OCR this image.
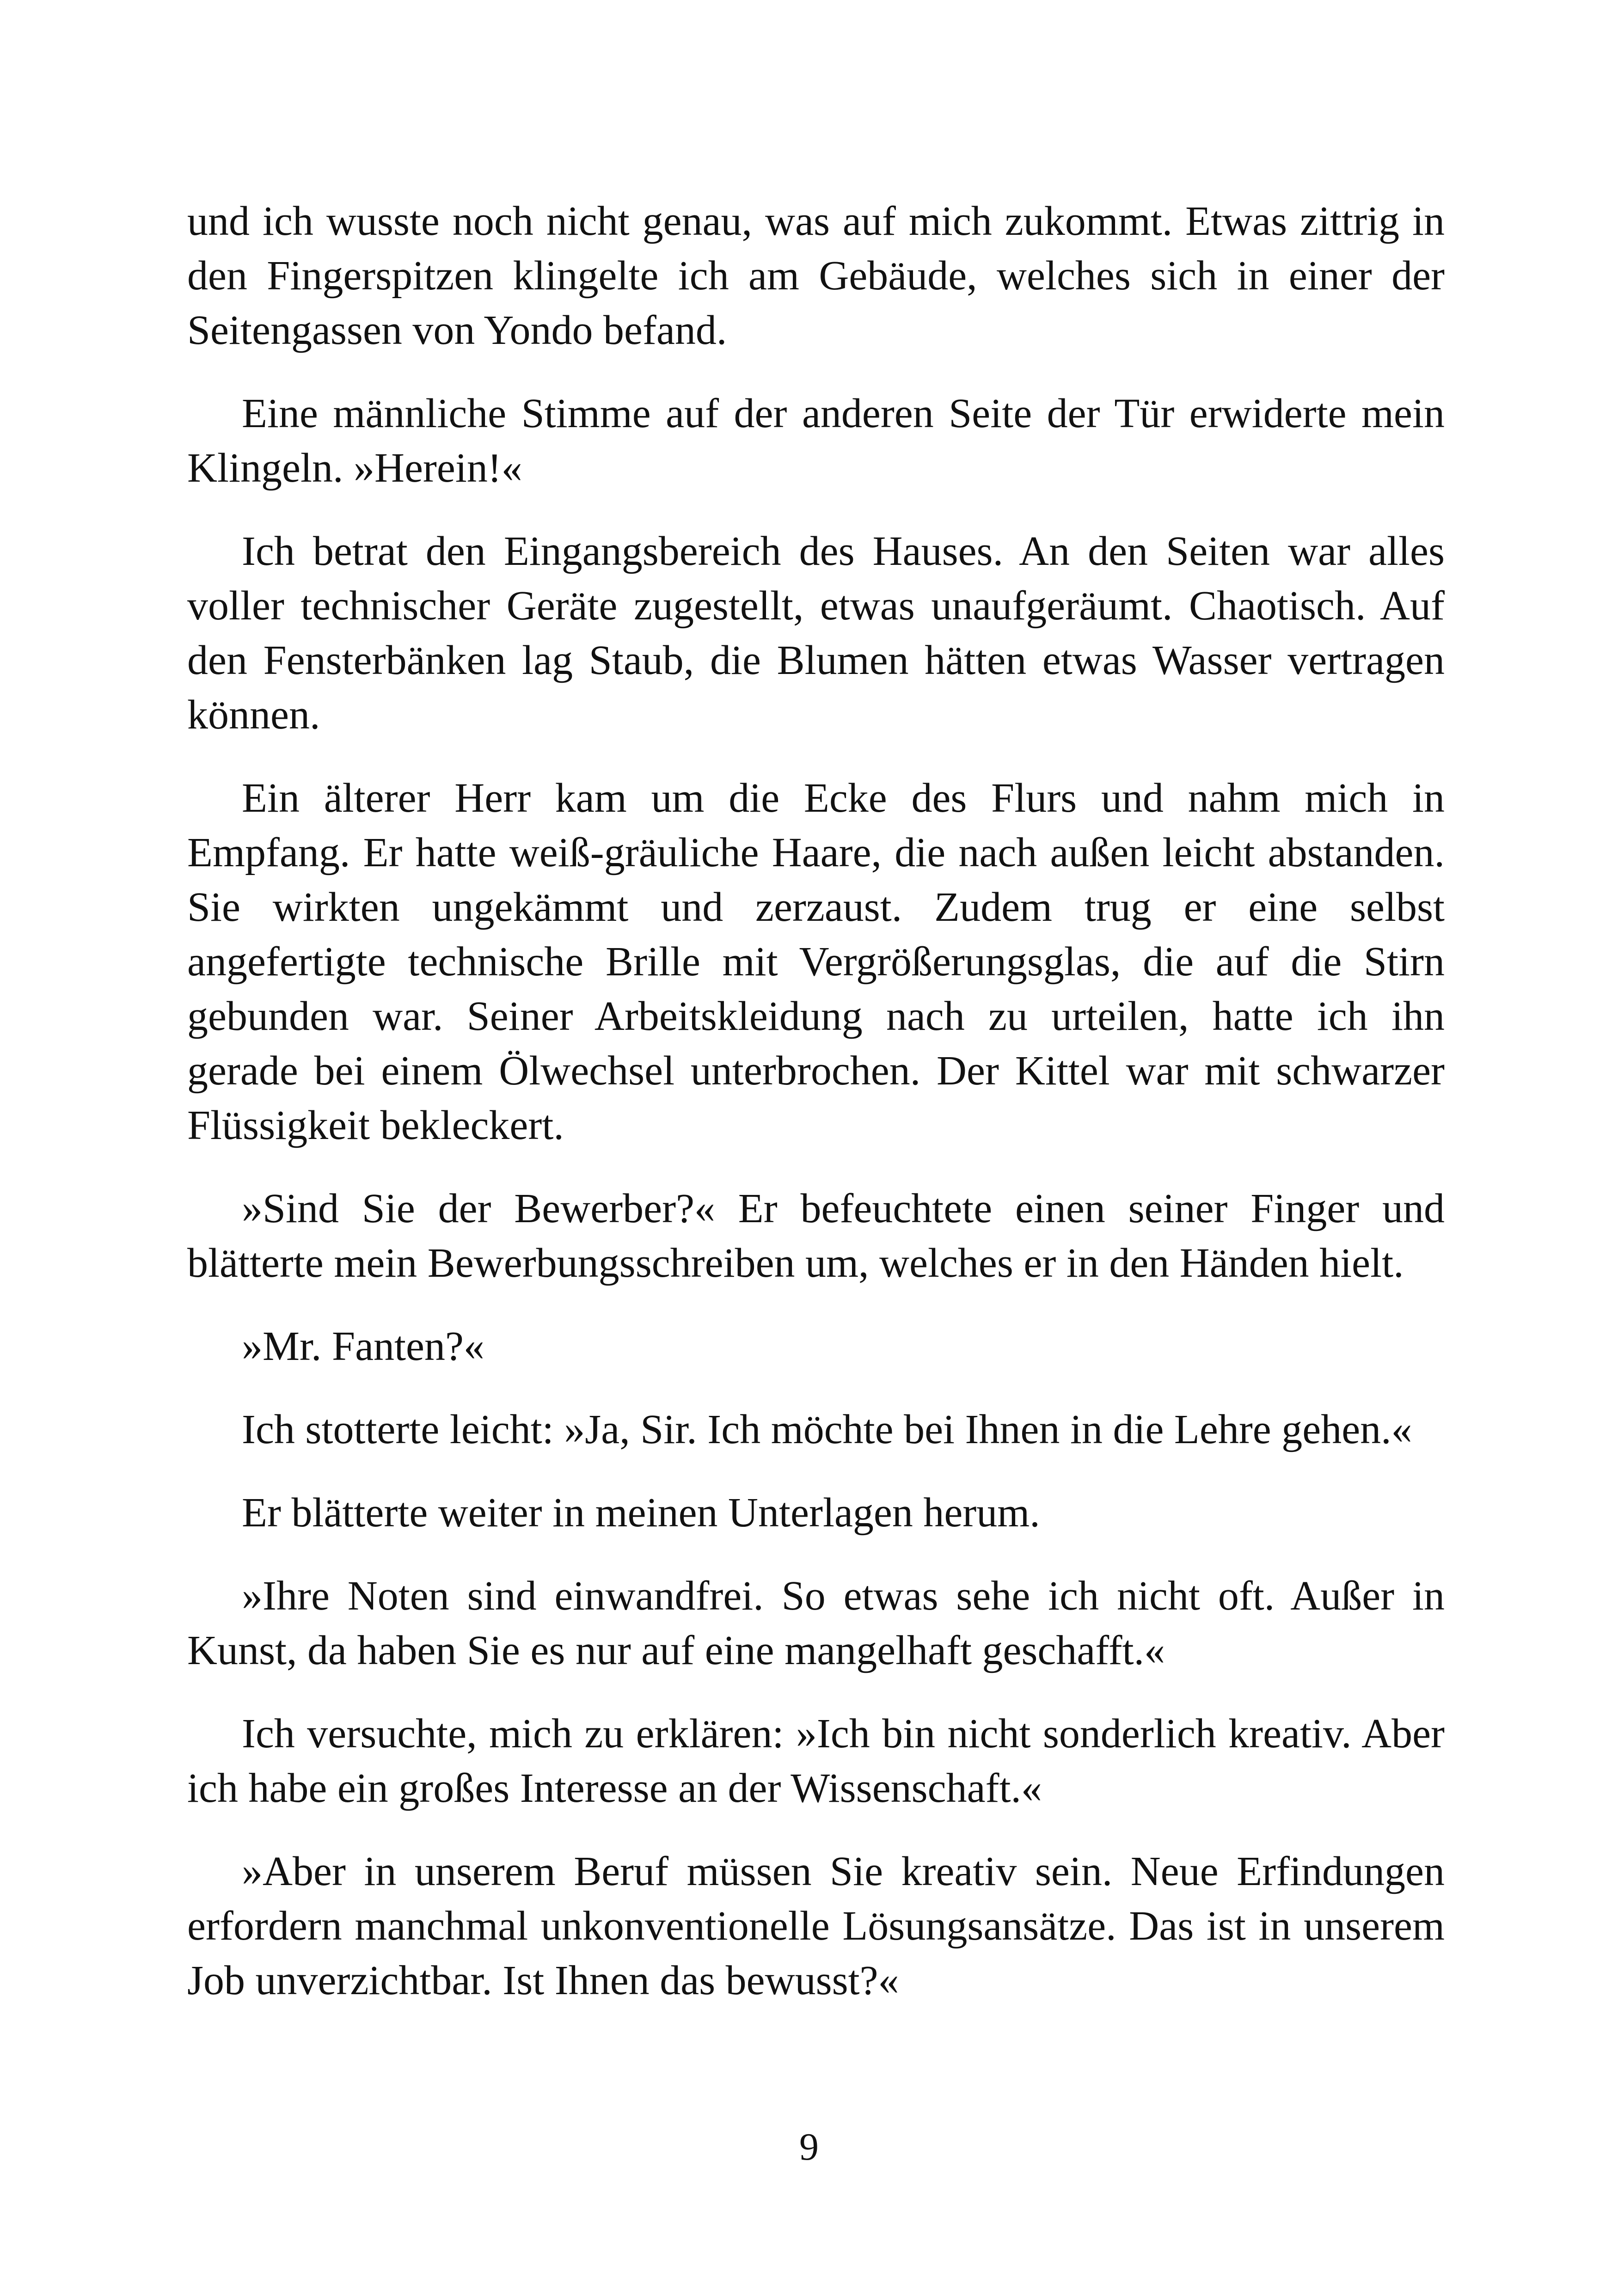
und ich wusste noch nicht genau, was auf mich zukommt. Etwas zittrig in den Fingerspitzen klingelte ich am Gebäude, welches sich in einer der Seitengassen von Yondo befand.

Eine männliche Stimme auf der anderen Seite der Tür erwiderte mein Klingeln. »Herein!«

Ich betrat den Eingangsbereich des Hauses. An den Seiten war alles voller technischer Geräte zugestellt, etwas unaufgeräumt. Chaotisch. Auf den Fensterbänken lag Staub, die Blumen hätten etwas Wasser vertragen können.

Ein älterer Herr kam um die Ecke des Flurs und nahm mich in Empfang. Er hatte weiß-gräuliche Haare, die nach außen leicht abstanden. Sie wirkten ungekämmt und zerzaust. Zudem trug er eine selbst angefertigte technische Brille mit Vergrößerungsglas, die auf die Stirn gebunden war. Seiner Arbeitskleidung nach zu urteilen, hatte ich ihn gerade bei einem Ölwechsel unterbrochen. Der Kittel war mit schwarzer Flüssigkeit bekleckert.

»Sind Sie der Bewerber?« Er befeuchtete einen seiner Finger und blätterte mein Bewerbungsschreiben um, welches er in den Händen hielt.

»Mr. Fanten?«

Ich stotterte leicht: »Ja, Sir. Ich möchte bei Ihnen in die Lehre gehen.«

Er blätterte weiter in meinen Unterlagen herum.

»Ihre Noten sind einwandfrei. So etwas sehe ich nicht oft. Außer in Kunst, da haben Sie es nur auf eine mangelhaft geschafft.«

Ich versuchte, mich zu erklären: »Ich bin nicht sonderlich kreativ. Aber ich habe ein großes Interesse an der Wissenschaft.«

»Aber in unserem Beruf müssen Sie kreativ sein. Neue Erfindungen erfordern manchmal unkonventionelle Lösungsansätze. Das ist in unserem Job unverzichtbar. Ist Ihnen das bewusst?«

9
